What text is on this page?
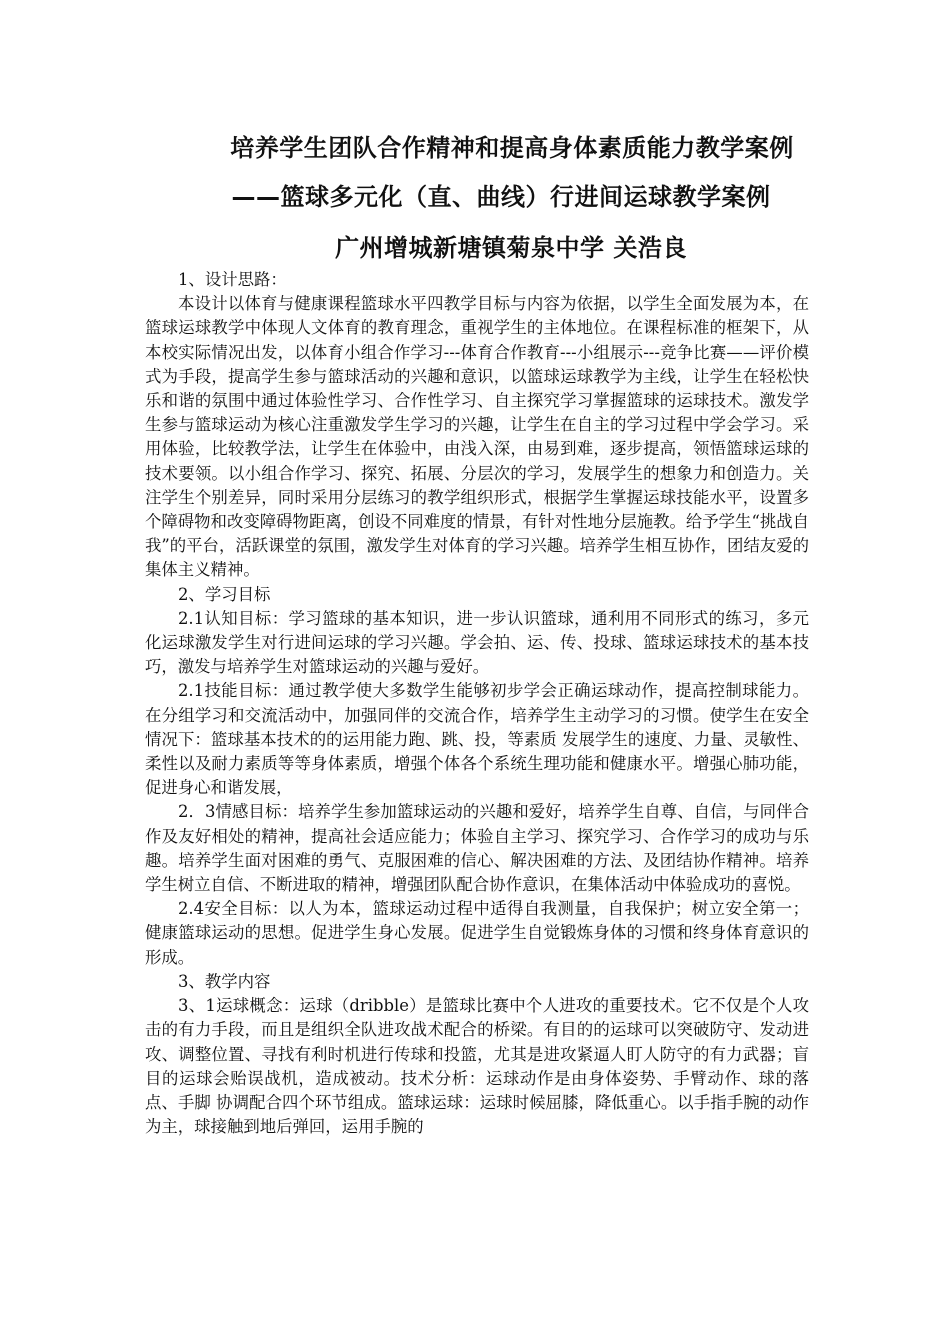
培养学生团队合作精神和提高身体素质能力教学案例
——篮球多元化（直、曲线）行进间运球教学案例
广州增城新塘镇菊泉中学 关浩良

1、设计思路：

本设计以体育与健康课程篮球水平四教学目标与内容为依据，以学生全面发展为本，在篮球运球教学中体现人文体育的教育理念，重视学生的主体地位。在课程标准的框架下，从本校实际情况出发，以体育小组合作学习---体育合作教育---小组展示---竞争比赛——评价模式为手段，提高学生参与篮球活动的兴趣和意识，以篮球运球教学为主线，让学生在轻松快乐和谐的氛围中通过体验性学习、合作性学习、自主探究学习掌握篮球的运球技术。激发学生参与篮球运动为核心注重激发学生学习的兴趣，让学生在自主的学习过程中学会学习。采用体验，比较教学法，让学生在体验中，由浅入深，由易到难，逐步提高，领悟篮球运球的技术要领。以小组合作学习、探究、拓展、分层次的学习，发展学生的想象力和创造力。关注学生个别差异，同时采用分层练习的教学组织形式，根据学生掌握运球技能水平，设置多个障碍物和改变障碍物距离，创设不同难度的情景，有针对性地分层施教。给予学生“挑战自我”的平台，活跃课堂的氛围，激发学生对体育的学习兴趣。培养学生相互协作，团结友爱的集体主义精神。

2、学习目标

2.1认知目标：学习篮球的基本知识，进一步认识篮球，通利用不同形式的练习，多元化运球激发学生对行进间运球的学习兴趣。学会拍、运、传、投球、篮球运球技术的基本技巧，激发与培养学生对篮球运动的兴趣与爱好。

2.1技能目标：通过教学使大多数学生能够初步学会正确运球动作，提高控制球能力。在分组学习和交流活动中，加强同伴的交流合作，培养学生主动学习的习惯。使学生在安全情况下：篮球基本技术的的运用能力跑、跳、投，等素质 发展学生的速度、力量、灵敏性、柔性以及耐力素质等等身体素质，增强个体各个系统生理功能和健康水平。增强心肺功能，促进身心和谐发展，

2．3情感目标：培养学生参加篮球运动的兴趣和爱好，培养学生自尊、自信，与同伴合作及友好相处的精神，提高社会适应能力；体验自主学习、探究学习、合作学习的成功与乐趣。培养学生面对困难的勇气、克服困难的信心、解决困难的方法、及团结协作精神。培养学生树立自信、不断进取的精神，增强团队配合协作意识，在集体活动中体验成功的喜悦。

2.4安全目标：以人为本，篮球运动过程中适得自我测量，自我保护；树立安全第一；健康篮球运动的思想。促进学生身心发展。促进学生自觉锻炼身体的习惯和终身体育意识的形成。

3、教学内容

3、1运球概念：运球（dribble）是篮球比赛中个人进攻的重要技术。它不仅是个人攻击的有力手段，而且是组织全队进攻战术配合的桥梁。有目的的运球可以突破防守、发动进攻、调整位置、寻找有利时机进行传球和投篮，尤其是进攻紧逼人盯人防守的有力武器；盲目的运球会贻误战机，造成被动。技术分析：运球动作是由身体姿势、手臂动作、球的落点、手脚 协调配合四个环节组成。篮球运球：运球时候屈膝，降低重心。以手指手腕的动作为主，球接触到地后弹回，运用手腕的
